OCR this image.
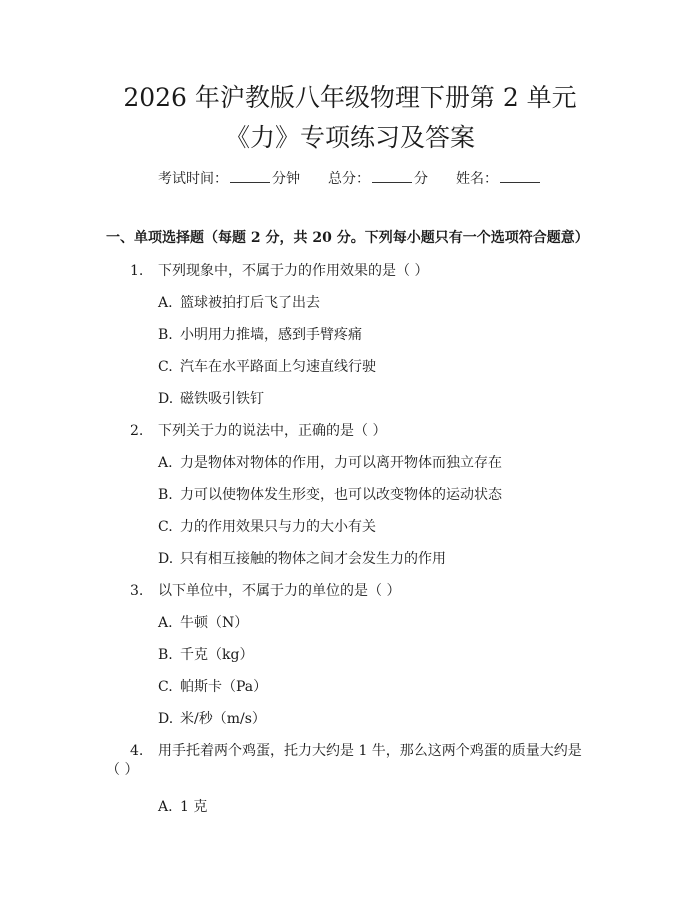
2026 年沪教版八年级物理下册第 2 单元
《力》专项练习及答案
考试时间：	分钟 总分：	分 姓名：
一、单项选择题（每题 2 分，共 20 分。下列每小题只有一个选项符合题意）
1. 下列现象中，不属于力的作用效果的是（ ）
A. 篮球被拍打后飞了出去
B. 小明用力推墙，感到手臂疼痛
C. 汽车在水平路面上匀速直线行驶
D. 磁铁吸引铁钉
2. 下列关于力的说法中，正确的是（ ）
A. 力是物体对物体的作用，力可以离开物体而独立存在
B. 力可以使物体发生形变，也可以改变物体的运动状态
C. 力的作用效果只与力的大小有关
D. 只有相互接触的物体之间才会发生力的作用
3. 以下单位中，不属于力的单位的是（ ）
A. 牛顿（N）
B. 千克（kg）
C. 帕斯卡（Pa）
D. 米/秒（m/s）
4. 用手托着两个鸡蛋，托力大约是 1 牛，那么这两个鸡蛋的质量大约是
（ ）
A. 1 克
